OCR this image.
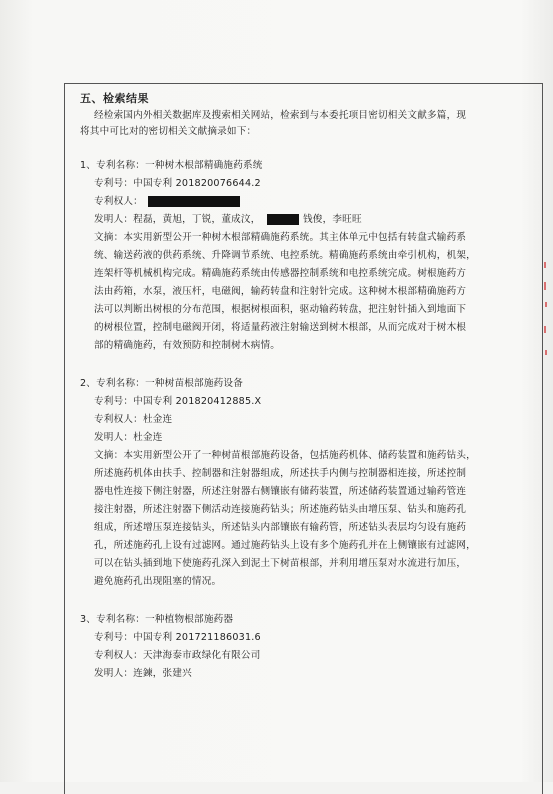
五、检索结果
经检索国内外相关数据库及搜索相关网站，检索到与本委托项目密切相关文献多篇，现
将其中可比对的密切相关文献摘录如下：
1、专利名称：一种树木根部精确施药系统
专利号：中国专利 201820076644.2
专利权人：
发明人：程磊，黄旭，丁锐，董成汶，	钱俊，李旺旺
文摘：本实用新型公开一种树木根部精确施药系统。其主体单元中包括有转盘式输药系
统、输送药液的供药系统、升降调节系统、电控系统。精确施药系统由牵引机构，机架，
连架杆等机械机构完成。精确施药系统由传感器控制系统和电控系统完成。树根施药方
法由药箱，水泵，液压杆，电磁阀，输药转盘和注射针完成。这种树木根部精确施药方
法可以判断出树根的分布范围，根据树根面积，驱动输药转盘，把注射针插入到地面下
的树根位置，控制电磁阀开闭，将适量药液注射输送到树木根部，从而完成对于树木根
部的精确施药，有效预防和控制树木病情。
2、专利名称：一种树苗根部施药设备
专利号：中国专利 201820412885.X
专利权人：杜金连
发明人：杜金连
文摘：本实用新型公开了一种树苗根部施药设备，包括施药机体、储药装置和施药钻头，
所述施药机体由扶手、控制器和注射器组成，所述扶手内侧与控制器相连接，所述控制
器电性连接下侧注射器，所述注射器右侧镶嵌有储药装置，所述储药装置通过输药管连
接注射器，所述注射器下侧活动连接施药钻头；所述施药钻头由增压泵、钻头和施药孔
组成，所述增压泵连接钻头，所述钻头内部镶嵌有输药管，所述钻头表层均匀设有施药
孔，所述施药孔上设有过滤网。通过施药钻头上设有多个施药孔并在上侧镶嵌有过滤网，
可以在钻头插到地下使施药孔深入到泥土下树苗根部，并利用增压泵对水流进行加压，
避免施药孔出现阻塞的情况。
3、专利名称：一种植物根部施药器
专利号：中国专利 201721186031.6
专利权人：天津海泰市政绿化有限公司
发明人：连鍊，张建兴
